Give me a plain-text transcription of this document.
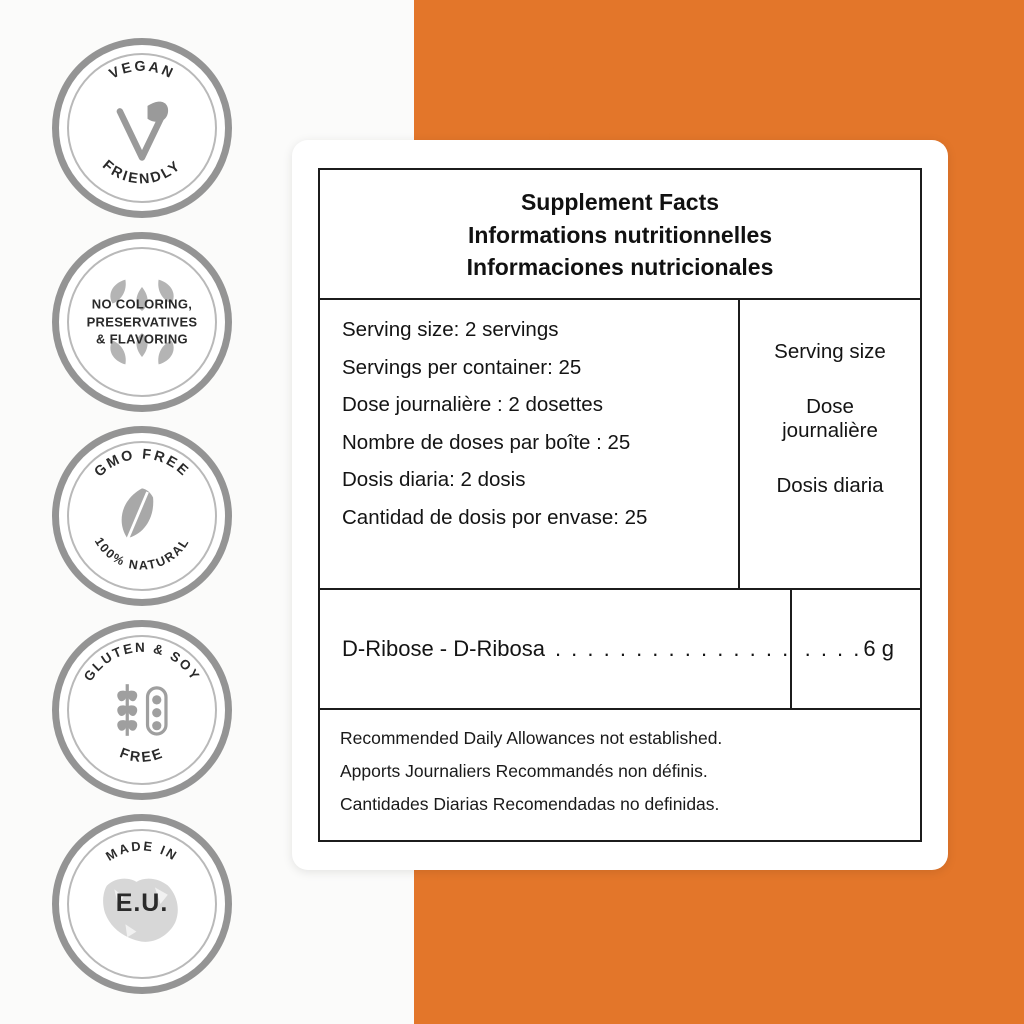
VEGAN
FRIENDLY
NO COLORING,
PRESERVATIVES
& FLAVORING
GMO FREE
100% NATURAL
GLUTEN & SOY
FREE
MADE IN
E.U.
Supplement Facts
Informations nutritionnelles
Informaciones nutricionales

Serving size: 2 servings

Servings per container: 25

Dose journalière : 2 dosettes

Nombre de doses par boîte : 25

Dosis diaria: 2 dosis

Cantidad de dosis por envase: 25

Serving size

Dose
journalière

Dosis diaria

D-Ribose - D-Ribosa . . . . . . . . . . . . . . . . . . . 6 g

Recommended Daily Allowances not established.

Apports Journaliers Recommandés non définis.

Cantidades Diarias Recomendadas no definidas.
